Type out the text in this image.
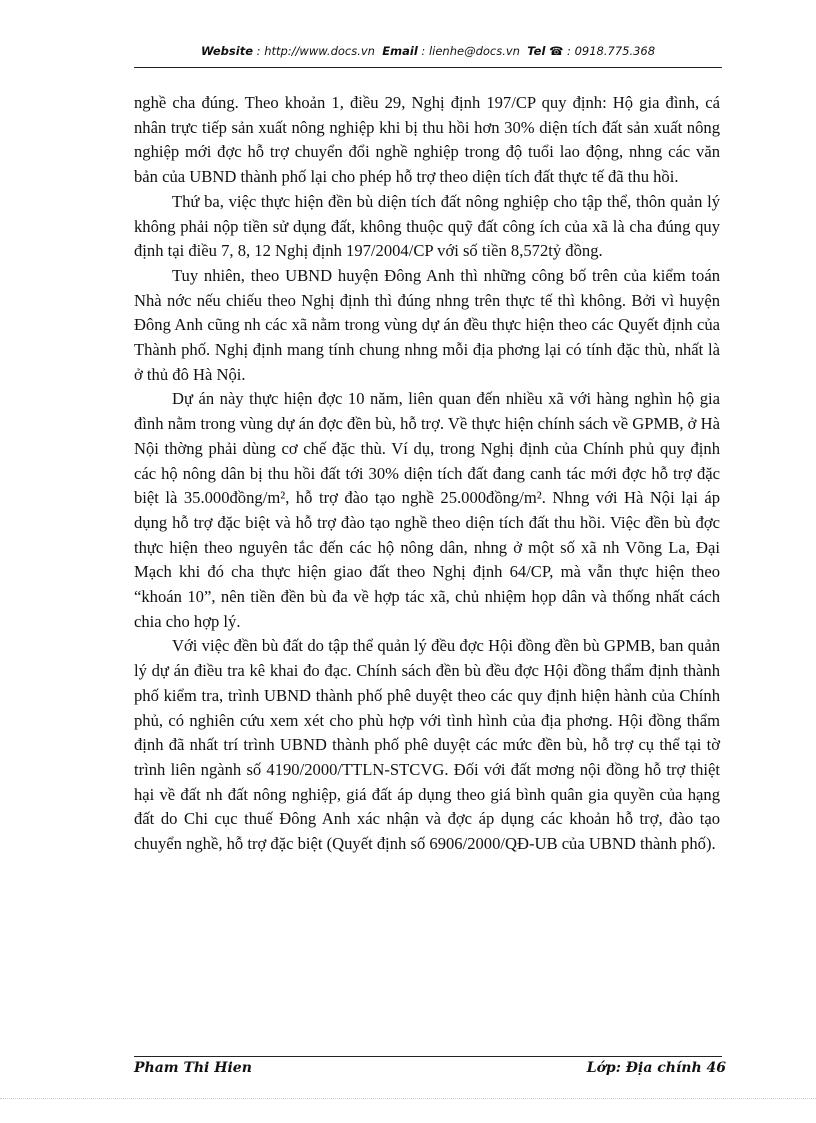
Website : http://www.docs.vn Email : lienhe@docs.vn Tel ☎ : 0918.775.368

nghề cha đúng. Theo khoản 1, điều 29, Nghị định 197/CP quy định: Hộ gia đình, cá nhân trực tiếp sản xuất nông nghiệp khi bị thu hồi hơn 30% diện tích đất sản xuất nông nghiệp mới đợc hỗ trợ chuyển đổi nghề nghiệp trong độ tuổi lao động, nhng các văn bản của UBND thành phố lại cho phép hỗ trợ theo diện tích đất thực tế đã thu hồi.

Thứ ba, việc thực hiện đền bù diện tích đất nông nghiệp cho tập thể, thôn quản lý không phải nộp tiền sử dụng đất, không thuộc quỹ đất công ích của xã là cha đúng quy định tại điều 7, 8, 12 Nghị định 197/2004/CP với số tiền 8,572tỷ đồng.

Tuy nhiên, theo UBND huyện Đông Anh thì những công bố trên của kiểm toán Nhà nớc nếu chiếu theo Nghị định thì đúng nhng trên thực tế thì không. Bởi vì huyện Đông Anh cũng nh các xã nằm trong vùng dự án đều thực hiện theo các Quyết định của Thành phố. Nghị định mang tính chung nhng mỗi địa phơng lại có tính đặc thù, nhất là ở thủ đô Hà Nội.

Dự án này thực hiện đợc 10 năm, liên quan đến nhiều xã với hàng nghìn hộ gia đình nằm trong vùng dự án đợc đền bù, hỗ trợ. Về thực hiện chính sách về GPMB, ở Hà Nội thờng phải dùng cơ chế đặc thù. Ví dụ, trong Nghị định của Chính phủ quy định các hộ nông dân bị thu hồi đất tới 30% diện tích đất đang canh tác mới đợc hỗ trợ đặc biệt là 35.000đồng/m², hỗ trợ đào tạo nghề 25.000đồng/m². Nhng với Hà Nội lại áp dụng hỗ trợ đặc biệt và hỗ trợ đào tạo nghề theo diện tích đất thu hồi. Việc đền bù đợc thực hiện theo nguyên tắc đến các hộ nông dân, nhng ở một số xã nh Võng La, Đại Mạch khi đó cha thực hiện giao đất theo Nghị định 64/CP, mà vẫn thực hiện theo “khoán 10”, nên tiền đền bù đa về hợp tác xã, chủ nhiệm họp dân và thống nhất cách chia cho hợp lý.

Với việc đền bù đất do tập thể quản lý đều đợc Hội đồng đền bù GPMB, ban quản lý dự án điều tra kê khai đo đạc. Chính sách đền bù đều đợc Hội đồng thẩm định thành phố kiểm tra, trình UBND thành phố phê duyệt theo các quy định hiện hành của Chính phủ, có nghiên cứu xem xét cho phù hợp với tình hình của địa phơng. Hội đồng thẩm định đã nhất trí trình UBND thành phố phê duyệt các mức đền bù, hỗ trợ cụ thể tại tờ trình liên ngành số 4190/2000/TTLN-STCVG. Đối với đất mơng nội đồng hỗ trợ thiệt hại về đất nh đất nông nghiệp, giá đất áp dụng theo giá bình quân gia quyền của hạng đất do Chi cục thuế Đông Anh xác nhận và đợc áp dụng các khoản hỗ trợ, đào tạo chuyển nghề, hỗ trợ đặc biệt (Quyết định số 6906/2000/QĐ-UB của UBND thành phố).

Pham Thi Hien	Lớp: Địa chính 46
